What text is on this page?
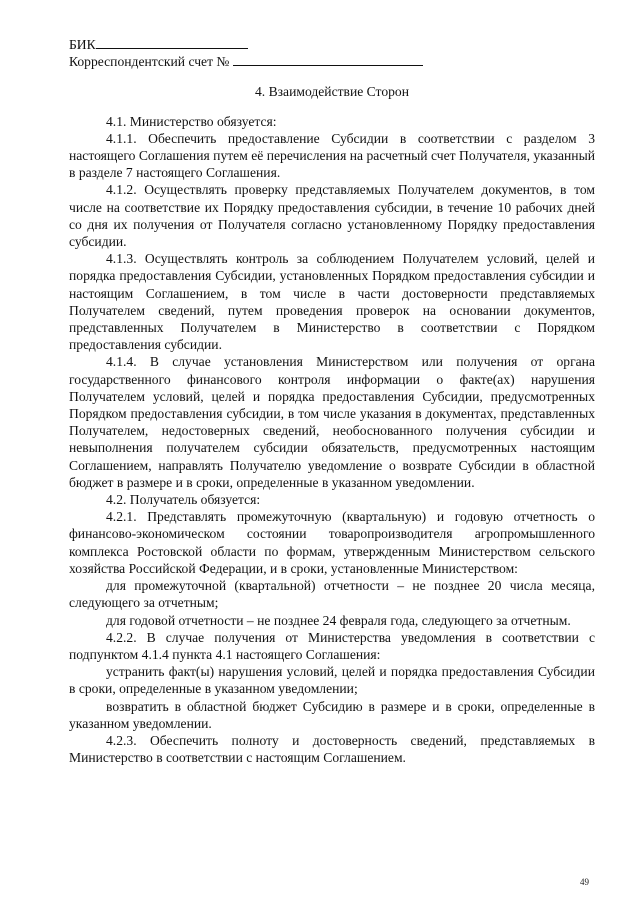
БИК
Корреспондентский счет №
4. Взаимодействие Сторон

4.1. Министерство обязуется:

4.1.1. Обеспечить предоставление Субсидии в соответствии с разделом 3 настоящего Соглашения путем её перечисления на расчетный счет Получателя, указанный в разделе 7 настоящего Соглашения.

4.1.2. Осуществлять проверку представляемых Получателем документов, в том числе на соответствие их Порядку предоставления субсидии, в течение 10 рабочих дней со дня их получения от Получателя согласно установленному Порядку предоставления субсидии.

4.1.3. Осуществлять контроль за соблюдением Получателем условий, целей и порядка предоставления Субсидии, установленных Порядком предоставления субсидии и настоящим Соглашением, в том числе в части достоверности представляемых Получателем сведений, путем проведения проверок на основании документов, представленных Получателем в Министерство в соответствии с Порядком предоставления субсидии.

4.1.4. В случае установления Министерством или получения от органа государственного финансового контроля информации о факте(ах) нарушения Получателем условий, целей и порядка предоставления Субсидии, предусмотренных Порядком предоставления субсидии, в том числе указания в документах, представленных Получателем, недостоверных сведений, необоснованного получения субсидии и невыполнения получателем субсидии обязательств, предусмотренных настоящим Соглашением, направлять Получателю уведомление о возврате Субсидии в областной бюджет в размере и в сроки, определенные в указанном уведомлении.

4.2. Получатель обязуется:

4.2.1. Представлять промежуточную (квартальную) и годовую отчетность о финансово-экономическом состоянии товаропроизводителя агропромышленного комплекса Ростовской области по формам, утвержденным Министерством сельского хозяйства Российской Федерации, и в сроки, установленные Министерством:

для промежуточной (квартальной) отчетности – не позднее 20 числа месяца, следующего за отчетным;

для годовой отчетности – не позднее 24 февраля года, следующего за отчетным.

4.2.2. В случае получения от Министерства уведомления в соответствии с подпунктом 4.1.4 пункта 4.1 настоящего Соглашения:

устранить факт(ы) нарушения условий, целей и порядка предоставления Субсидии в сроки, определенные в указанном уведомлении;

возвратить в областной бюджет Субсидию в размере и в сроки, определенные в указанном уведомлении.

4.2.3. Обеспечить полноту и достоверность сведений, представляемых в Министерство в соответствии с настоящим Соглашением.

49
